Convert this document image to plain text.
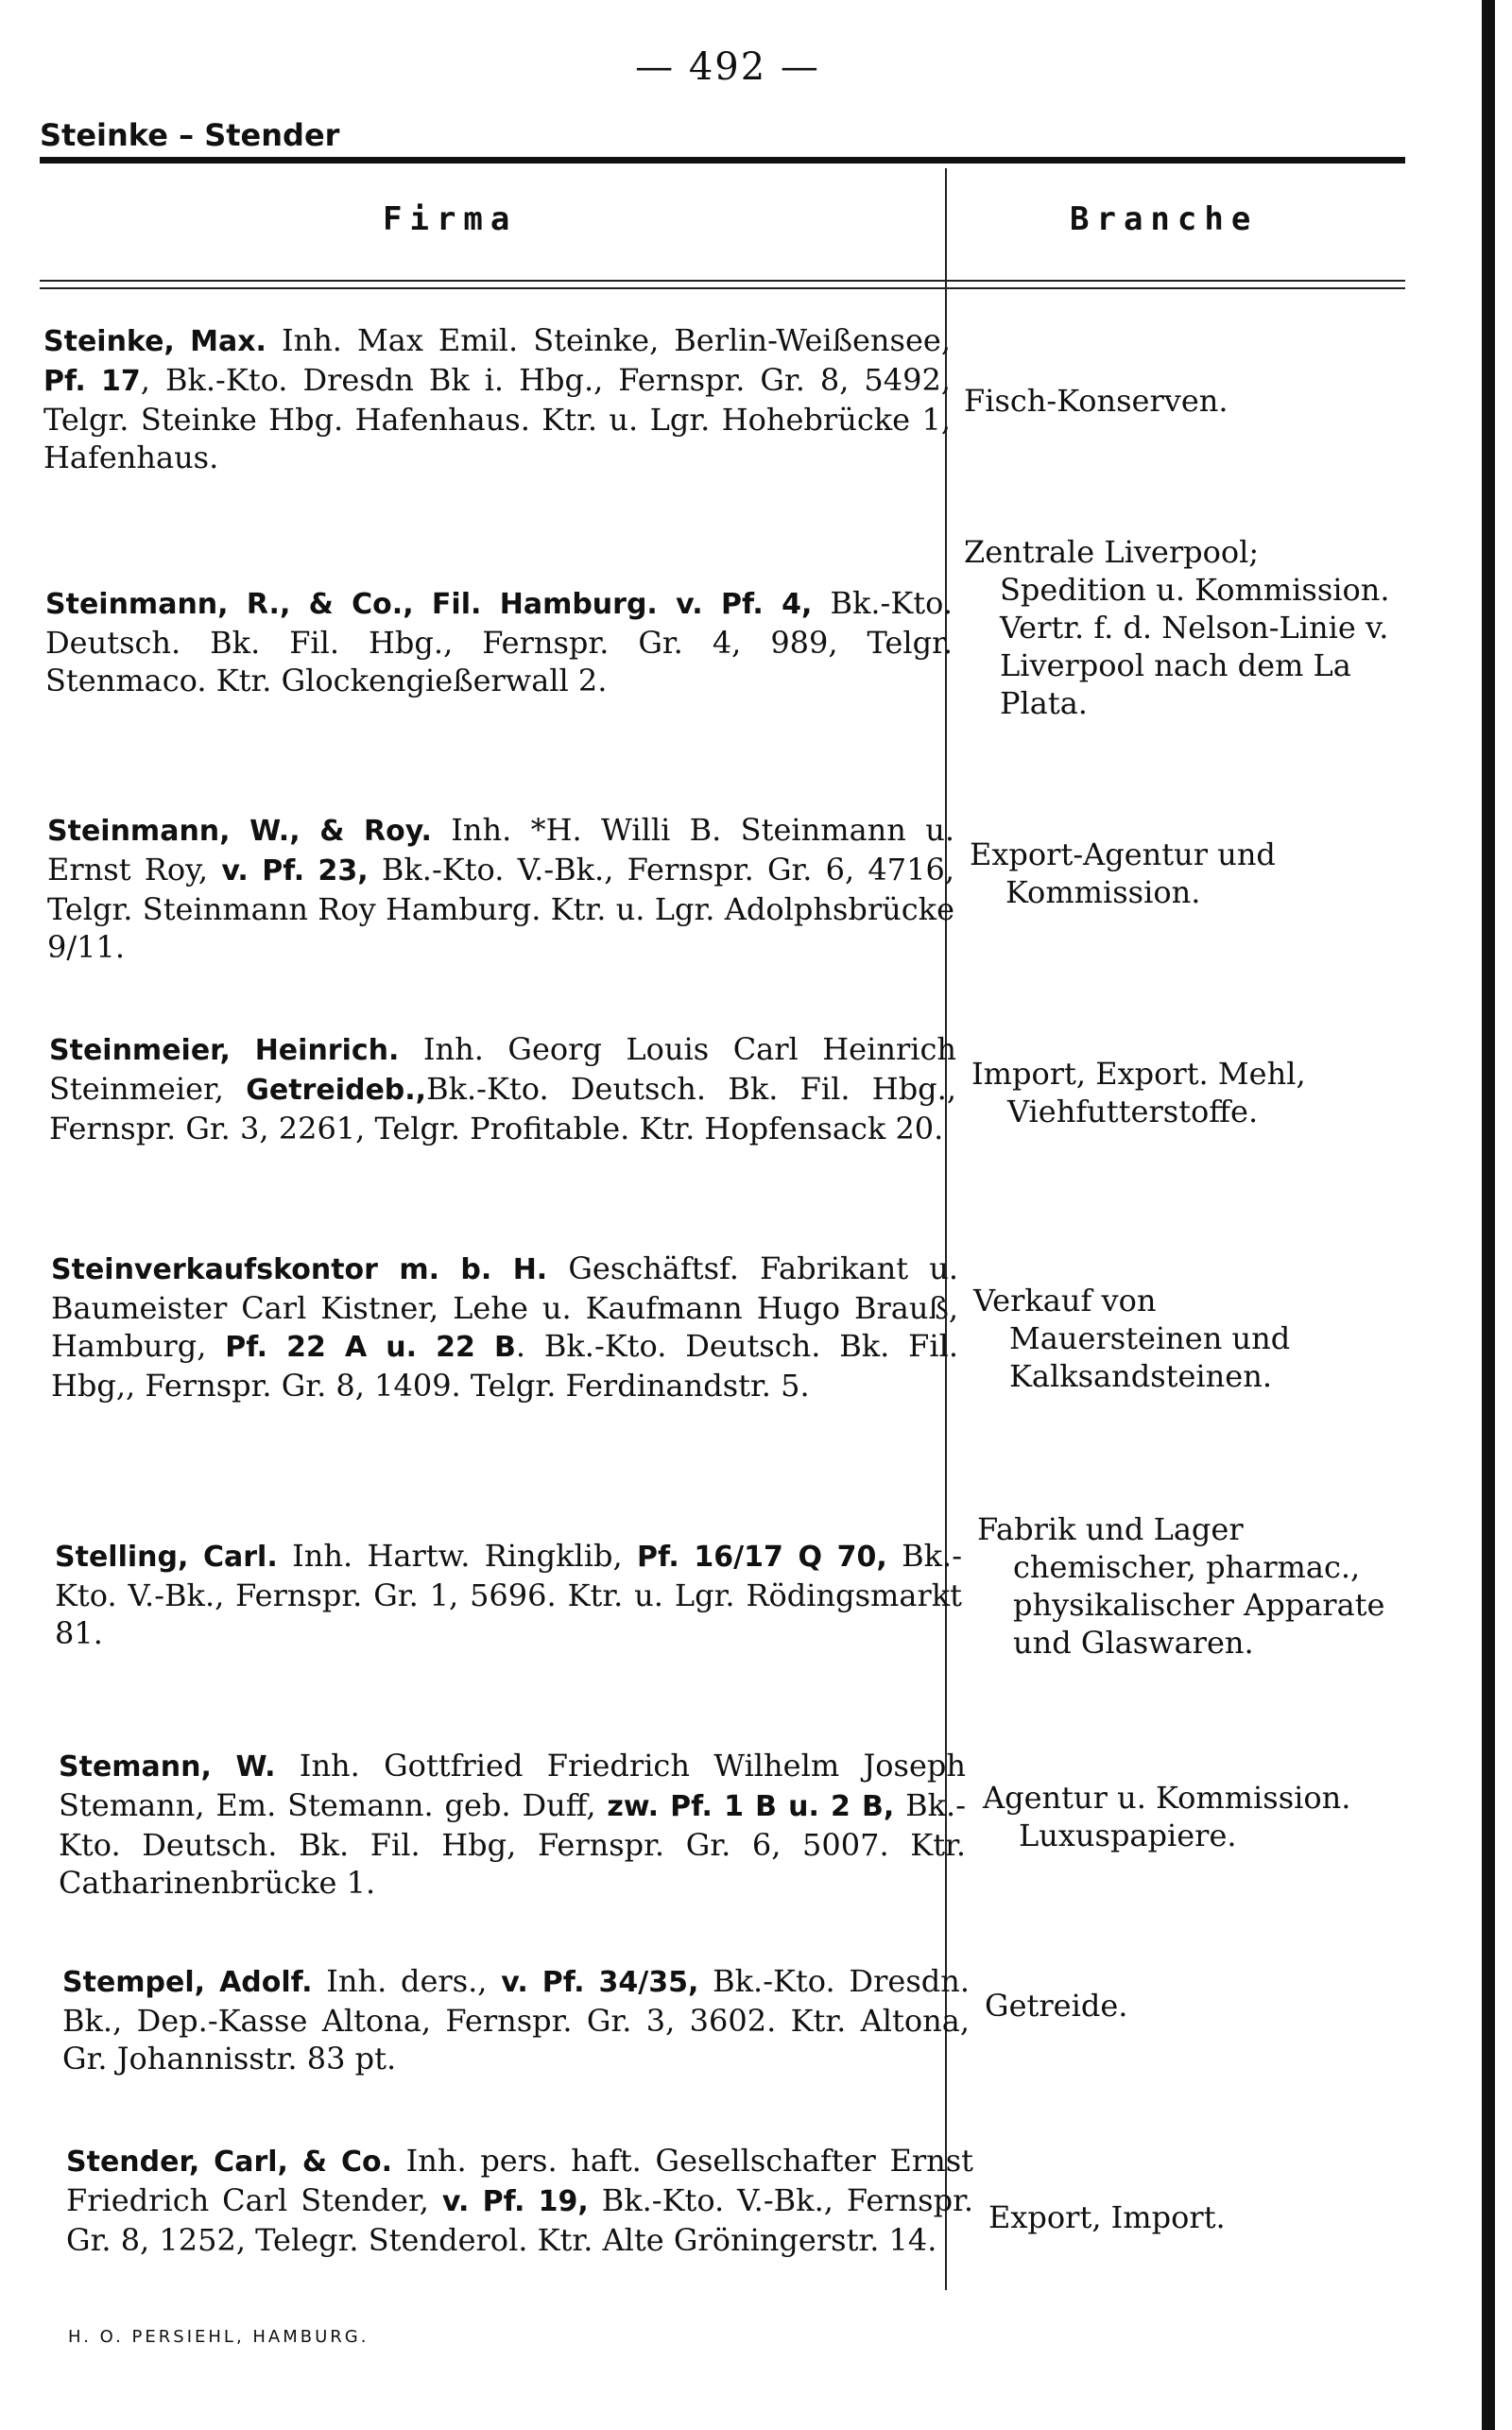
— 492 —
Steinke – Stender
Firma	Branche

Steinke, Max. Inh. Max Emil. Steinke, Berlin-Weißensee, Pf. 17, Bk.-Kto. Dresdn Bk i. Hbg., Fernspr. Gr. 8, 5492, Telgr. Steinke Hbg. Hafenhaus. Ktr. u. Lgr. Hohebrücke 1, Hafenhaus.

Fisch-Konserven.

Steinmann, R., & Co., Fil. Hamburg. v. Pf. 4, Bk.-Kto. Deutsch. Bk. Fil. Hbg., Fernspr. Gr. 4, 989, Telgr. Stenmaco. Ktr. Glockengießerwall 2.

Zentrale Liverpool;
Spedition u. Kommission. Vertr. f. d. Nelson-Linie v. Liverpool nach dem La Plata.

Steinmann, W., & Roy. Inh. *H. Willi B. Steinmann u. Ernst Roy, v. Pf. 23, Bk.-Kto. V.-Bk., Fernspr. Gr. 6, 4716, Telgr. Steinmann Roy Hamburg. Ktr. u. Lgr. Adolphsbrücke 9/11.

Export-Agentur und
Kommission.

Steinmeier, Heinrich. Inh. Georg Louis Carl Heinrich Steinmeier, Getreideb.,Bk.-Kto. Deutsch. Bk. Fil. Hbg., Fernspr. Gr. 3, 2261, Telgr. Profitable. Ktr. Hopfensack 20.

Import, Export. Mehl,
Viehfutterstoffe.

Steinverkaufskontor m. b. H. Geschäftsf. Fabrikant u. Baumeister Carl Kistner, Lehe u. Kaufmann Hugo Brauß, Hamburg, Pf. 22 A u. 22 B. Bk.-Kto. Deutsch. Bk. Fil. Hbg,, Fernspr. Gr. 8, 1409. Telgr. Ferdinandstr. 5.

Verkauf von
Mauersteinen und Kalksandsteinen.

Stelling, Carl. Inh. Hartw. Ringklib, Pf. 16/17 Q 70, Bk.-Kto. V.-Bk., Fernspr. Gr. 1, 5696. Ktr. u. Lgr. Rödingsmarkt 81.

Fabrik und Lager
chemischer, pharmac., physikalischer Apparate und Glaswaren.

Stemann, W. Inh. Gottfried Friedrich Wilhelm Joseph Stemann, Em. Stemann. geb. Duff, zw. Pf. 1 B u. 2 B, Bk.-Kto. Deutsch. Bk. Fil. Hbg, Fernspr. Gr. 6, 5007. Ktr. Catharinenbrücke 1.

Agentur u. Kommission.
Luxuspapiere.

Stempel, Adolf. Inh. ders., v. Pf. 34/35, Bk.-Kto. Dresdn. Bk., Dep.-Kasse Altona, Fernspr. Gr. 3, 3602. Ktr. Altona, Gr. Johannisstr. 83 pt.

Getreide.

Stender, Carl, & Co. Inh. pers. haft. Gesellschafter Ernst Friedrich Carl Stender, v. Pf. 19, Bk.-Kto. V.-Bk., Fernspr. Gr. 8, 1252, Telegr. Stenderol. Ktr. Alte Gröningerstr. 14.

Export, Import.
H. O. PERSIEHL, HAMBURG.
